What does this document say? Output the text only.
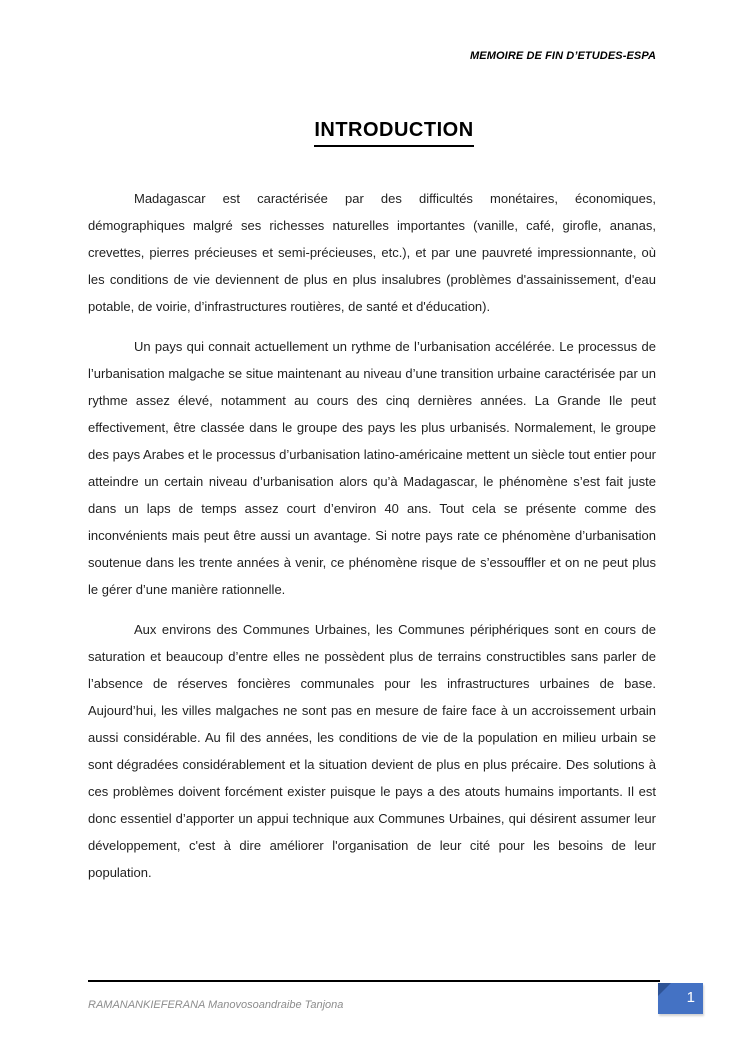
MEMOIRE DE FIN D’ETUDES-ESPA
INTRODUCTION

Madagascar est caractérisée par des difficultés monétaires, économiques, démographiques malgré ses richesses naturelles importantes (vanille, café, girofle, ananas, crevettes, pierres précieuses et semi-précieuses, etc.), et par une pauvreté impressionnante, où les conditions de vie deviennent de plus en plus insalubres (problèmes d'assainissement, d'eau potable, de voirie, d’infrastructures routières, de santé et d'éducation).

Un pays qui connait actuellement un rythme de l’urbanisation accélérée. Le processus de l’urbanisation malgache se situe maintenant au niveau d’une transition urbaine caractérisée par un rythme assez élevé, notamment au cours des cinq dernières années. La Grande Ile peut effectivement, être classée dans le groupe des pays les plus urbanisés. Normalement, le groupe des pays Arabes et le processus d’urbanisation latino-américaine mettent un siècle tout entier pour atteindre un certain niveau d’urbanisation alors qu’à Madagascar, le phénomène s’est fait juste dans un laps de temps assez court d’environ 40 ans. Tout cela se présente comme des inconvénients mais peut être aussi un avantage. Si notre pays rate ce phénomène d’urbanisation soutenue dans les trente années à venir, ce phénomène risque de s’essouffler et on ne peut plus le gérer d’une manière rationnelle.

Aux environs des Communes Urbaines, les Communes périphériques sont en cours de saturation et beaucoup d’entre elles ne possèdent plus de terrains constructibles sans parler de l’absence de réserves foncières communales pour les infrastructures urbaines de base. Aujourd’hui, les villes malgaches ne sont pas en mesure de faire face à un accroissement urbain aussi considérable. Au fil des années, les conditions de vie de la population en milieu urbain se sont dégradées considérablement et la situation devient de plus en plus précaire. Des solutions à ces problèmes doivent forcément exister puisque le pays a des atouts humains importants. Il est donc essentiel d’apporter un appui technique aux Communes Urbaines, qui désirent assumer leur développement, c'est à dire améliorer l'organisation de leur cité pour les besoins de leur population.

RAMANANKIEFERANA Manovosoandraibe Tanjona	1
